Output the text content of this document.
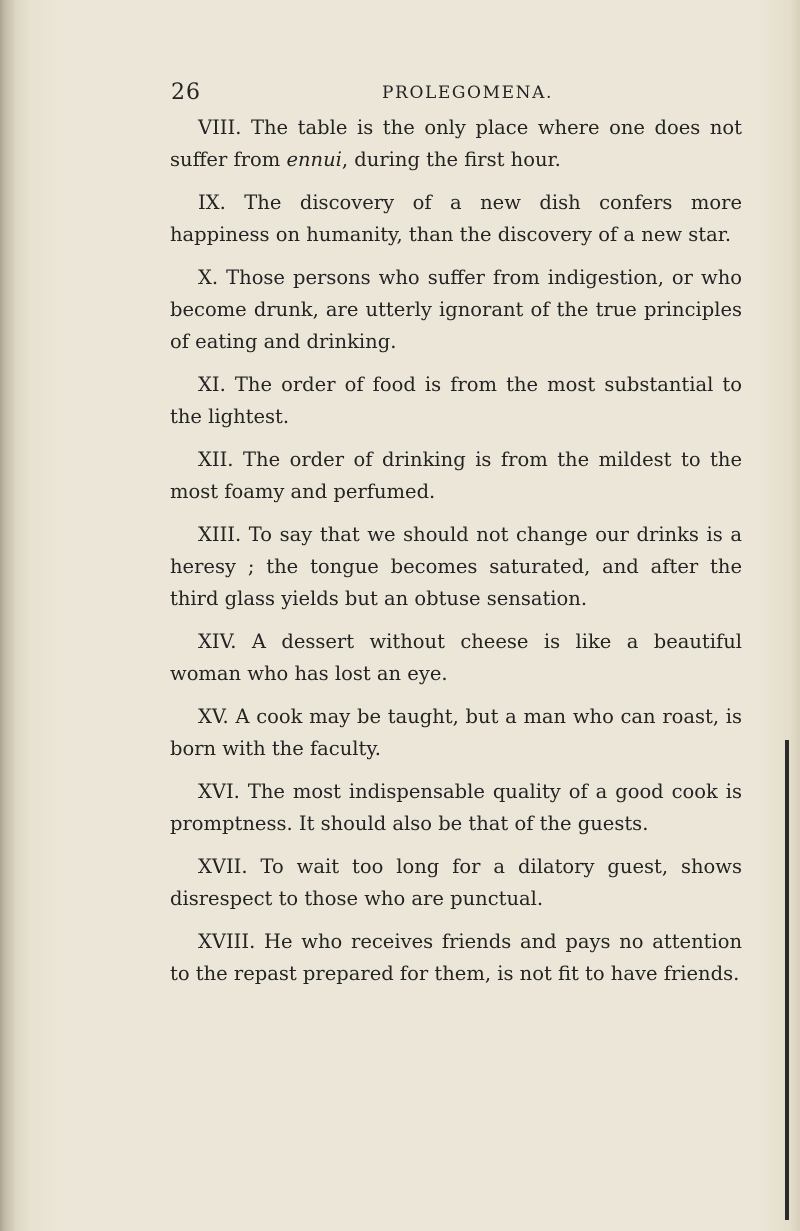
26	PROLEGOMENA.

VIII. The table is the only place where one does not suffer from ennui, during the first hour.

IX. The discovery of a new dish confers more happiness on humanity, than the discovery of a new star.

X. Those persons who suffer from indigestion, or who become drunk, are utterly ignorant of the true principles of eating and drinking.

XI. The order of food is from the most substantial to the lightest.

XII. The order of drinking is from the mildest to the most foamy and perfumed.

XIII. To say that we should not change our drinks is a heresy ; the tongue becomes saturated, and after the third glass yields but an obtuse sensation.

XIV. A dessert without cheese is like a beautiful woman who has lost an eye.

XV. A cook may be taught, but a man who can roast, is born with the faculty.

XVI. The most indispensable quality of a good cook is promptness. It should also be that of the guests.

XVII. To wait too long for a dilatory guest, shows disrespect to those who are punctual.

XVIII. He who receives friends and pays no attention to the repast prepared for them, is not fit to have friends.
